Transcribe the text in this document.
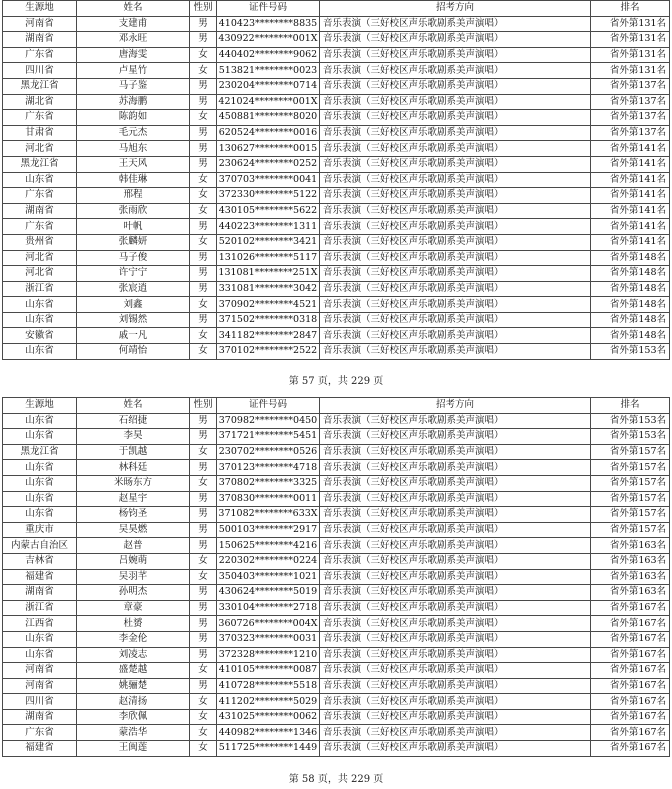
生源地	姓名	性别	证件号码	招考方向	排名
河南省	支建甫	男	410423********8835	音乐表演（三好校区声乐歌剧系美声演唱）	省外第131名
湖南省	邓永旺	男	430922********001X	音乐表演（三好校区声乐歌剧系美声演唱）	省外第131名
广东省	唐海雯	女	440402********9062	音乐表演（三好校区声乐歌剧系美声演唱）	省外第131名
四川省	卢星竹	女	513821********0023	音乐表演（三好校区声乐歌剧系美声演唱）	省外第131名
黑龙江省	马子鉴	男	230204********0714	音乐表演（三好校区声乐歌剧系美声演唱）	省外第137名
湖北省	苏海鹏	男	421024********001X	音乐表演（三好校区声乐歌剧系美声演唱）	省外第137名
广东省	陈韵如	女	450881********8020	音乐表演（三好校区声乐歌剧系美声演唱）	省外第137名
甘肃省	毛元杰	男	620524********0016	音乐表演（三好校区声乐歌剧系美声演唱）	省外第137名
河北省	马旭东	男	130627********0015	音乐表演（三好校区声乐歌剧系美声演唱）	省外第141名
黑龙江省	王天风	男	230624********0252	音乐表演（三好校区声乐歌剧系美声演唱）	省外第141名
山东省	韩佳琳	女	370703********0041	音乐表演（三好校区声乐歌剧系美声演唱）	省外第141名
广东省	邢程	女	372330********5122	音乐表演（三好校区声乐歌剧系美声演唱）	省外第141名
湖南省	张雨欣	女	430105********5622	音乐表演（三好校区声乐歌剧系美声演唱）	省外第141名
广东省	叶帆	男	440223********1311	音乐表演（三好校区声乐歌剧系美声演唱）	省外第141名
贵州省	张麟妍	女	520102********3421	音乐表演（三好校区声乐歌剧系美声演唱）	省外第141名
河北省	马子俊	男	131026********5117	音乐表演（三好校区声乐歌剧系美声演唱）	省外第148名
河北省	许宁宁	男	131081********251X	音乐表演（三好校区声乐歌剧系美声演唱）	省外第148名
浙江省	张宸逍	男	331081********3042	音乐表演（三好校区声乐歌剧系美声演唱）	省外第148名
山东省	刘鑫	女	370902********4521	音乐表演（三好校区声乐歌剧系美声演唱）	省外第148名
山东省	刘锡然	男	371502********0318	音乐表演（三好校区声乐歌剧系美声演唱）	省外第148名
安徽省	戚一凡	女	341182********2847	音乐表演（三好校区声乐歌剧系美声演唱）	省外第148名
山东省	何靖怡	女	370102********2522	音乐表演（三好校区声乐歌剧系美声演唱）	省外第153名
第 57 页，共 229 页
生源地	姓名	性别	证件号码	招考方向	排名
山东省	石绍捷	男	370982********0450	音乐表演（三好校区声乐歌剧系美声演唱）	省外第153名
山东省	李昊	男	371721********5451	音乐表演（三好校区声乐歌剧系美声演唱）	省外第153名
黑龙江省	于凯越	女	230702********0526	音乐表演（三好校区声乐歌剧系美声演唱）	省外第157名
山东省	林科廷	男	370123********4718	音乐表演（三好校区声乐歌剧系美声演唱）	省外第157名
山东省	米旸东方	女	370802********3325	音乐表演（三好校区声乐歌剧系美声演唱）	省外第157名
山东省	赵星宇	男	370830********0011	音乐表演（三好校区声乐歌剧系美声演唱）	省外第157名
山东省	杨钧圣	男	371082********633X	音乐表演（三好校区声乐歌剧系美声演唱）	省外第157名
重庆市	吴昊燃	男	500103********2917	音乐表演（三好校区声乐歌剧系美声演唱）	省外第157名
内蒙古自治区	赵普	男	150625********4216	音乐表演（三好校区声乐歌剧系美声演唱）	省外第163名
吉林省	吕婉萌	女	220302********0224	音乐表演（三好校区声乐歌剧系美声演唱）	省外第163名
福建省	吴羽芊	女	350403********1021	音乐表演（三好校区声乐歌剧系美声演唱）	省外第163名
湖南省	孙明杰	男	430624********5019	音乐表演（三好校区声乐歌剧系美声演唱）	省外第163名
浙江省	章豪	男	330104********2718	音乐表演（三好校区声乐歌剧系美声演唱）	省外第167名
江西省	杜赟	男	360726********004X	音乐表演（三好校区声乐歌剧系美声演唱）	省外第167名
山东省	李金伦	男	370323********0031	音乐表演（三好校区声乐歌剧系美声演唱）	省外第167名
山东省	刘凌志	男	372328********1210	音乐表演（三好校区声乐歌剧系美声演唱）	省外第167名
河南省	盛楚越	女	410105********0087	音乐表演（三好校区声乐歌剧系美声演唱）	省外第167名
河南省	姚骊楚	男	410728********5518	音乐表演（三好校区声乐歌剧系美声演唱）	省外第167名
四川省	赵清扬	女	411202********5029	音乐表演（三好校区声乐歌剧系美声演唱）	省外第167名
湖南省	李欣佩	女	431025********0062	音乐表演（三好校区声乐歌剧系美声演唱）	省外第167名
广东省	蒙浩华	女	440982********1346	音乐表演（三好校区声乐歌剧系美声演唱）	省外第167名
福建省	王闽莲	女	511725********1449	音乐表演（三好校区声乐歌剧系美声演唱）	省外第167名
第 58 页，共 229 页
